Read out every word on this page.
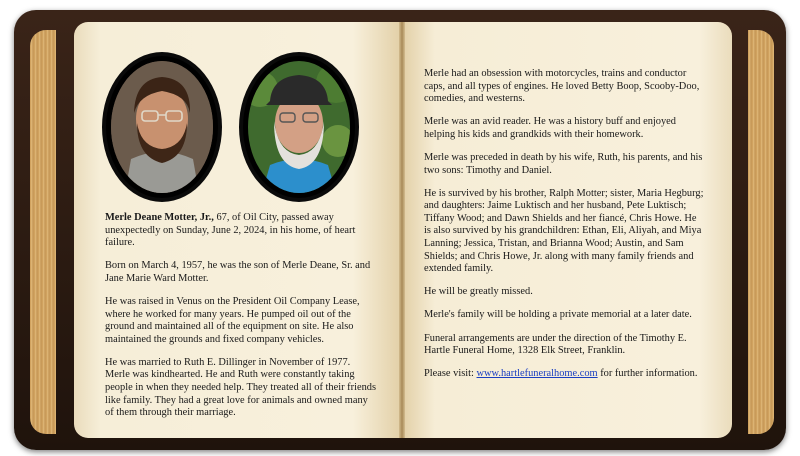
Merle Deane Motter, Jr., 67, of Oil City, passed away unexpectedly on Sunday, June 2, 2024, in his home, of heart failure.

Born on March 4, 1957, he was the son of Merle Deane, Sr. and Jane Marie Ward Motter.

He was raised in Venus on the President Oil Company Lease, where he worked for many years. He pumped oil out of the ground and maintained all of the equipment on site. He also maintained the grounds and fixed company vehicles.

He was married to Ruth E. Dillinger in November of 1977. Merle was kindhearted. He and Ruth were constantly taking people in when they needed help. They treated all of their friends like family. They had a great love for animals and owned many of them through their marriage.

Merle had an obsession with motorcycles, trains and conductor caps, and all types of engines. He loved Betty Boop, Scooby-Doo, comedies, and westerns.

Merle was an avid reader. He was a history buff and enjoyed helping his kids and grandkids with their homework.

Merle was preceded in death by his wife, Ruth, his parents, and his two sons: Timothy and Daniel.

He is survived by his brother, Ralph Motter; sister, Maria Hegburg; and daughters: Jaime Luktisch and her husband, Pete Luktisch; Tiffany Wood; and Dawn Shields and her fiancé, Chris Howe. He is also survived by his grandchildren: Ethan, Eli, Aliyah, and Miya Lanning; Jessica, Tristan, and Brianna Wood; Austin, and Sam Shields; and Chris Howe, Jr. along with many family friends and extended family.

He will be greatly missed.

Merle's family will be holding a private memorial at a later date.

Funeral arrangements are under the direction of the Timothy E. Hartle Funeral Home, 1328 Elk Street, Franklin.

Please visit: www.hartlefuneralhome.com for further information.
